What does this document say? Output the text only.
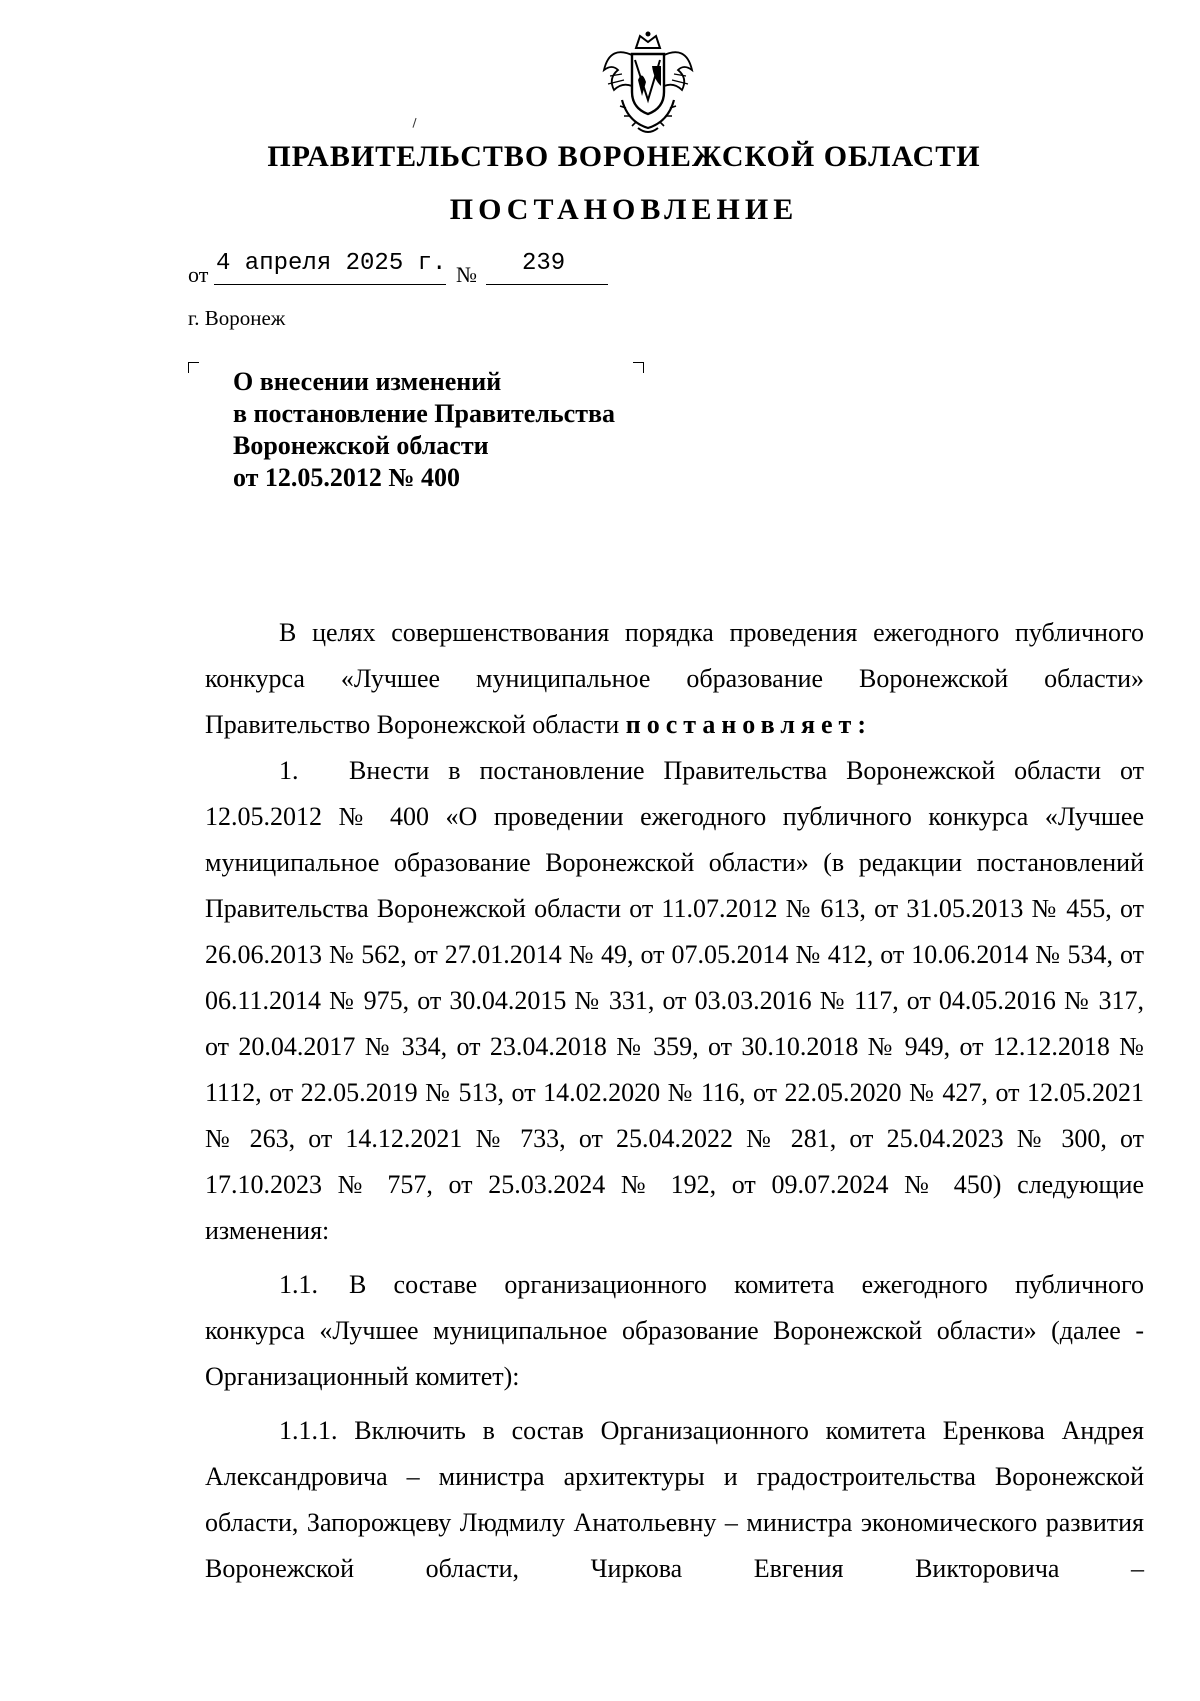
ПРАВИТЕЛЬСТВО ВОРОНЕЖСКОЙ ОБЛАСТИ
ПОСТАНОВЛЕНИЕ
от 4 апреля 2025 г. № 239
г. Воронеж
О внесении изменений
в постановление Правительства
Воронежской области
от 12.05.2012 № 400

В целях совершенствования порядка проведения ежегодного публичного конкурса «Лучшее муниципальное образование Воронежской области» Правительство Воронежской области постановляет:

1. Внести в постановление Правительства Воронежской области от 12.05.2012 № 400 «О проведении ежегодного публичного конкурса «Лучшее муниципальное образование Воронежской области» (в редакции постановлений Правительства Воронежской области от 11.07.2012 № 613, от 31.05.2013 № 455, от 26.06.2013 № 562, от 27.01.2014 № 49, от 07.05.2014 № 412, от 10.06.2014 № 534, от 06.11.2014 № 975, от 30.04.2015 № 331, от 03.03.2016 № 117, от 04.05.2016 № 317, от 20.04.2017 № 334, от 23.04.2018 № 359, от 30.10.2018 № 949, от 12.12.2018 № 1112, от 22.05.2019 № 513, от 14.02.2020 № 116, от 22.05.2020 № 427, от 12.05.2021 № 263, от 14.12.2021 № 733, от 25.04.2022 № 281, от 25.04.2023 № 300, от 17.10.2023 № 757, от 25.03.2024 № 192, от 09.07.2024 № 450) следующие изменения:

1.1. В составе организационного комитета ежегодного публичного конкурса «Лучшее муниципальное образование Воронежской области» (далее - Организационный комитет):

1.1.1. Включить в состав Организационного комитета Еренкова Андрея Александровича – министра архитектуры и градостроительства Воронежской области, Запорожцеву Людмилу Анатольевну – министра экономического развития Воронежской области, Чиркова Евгения Викторовича –
